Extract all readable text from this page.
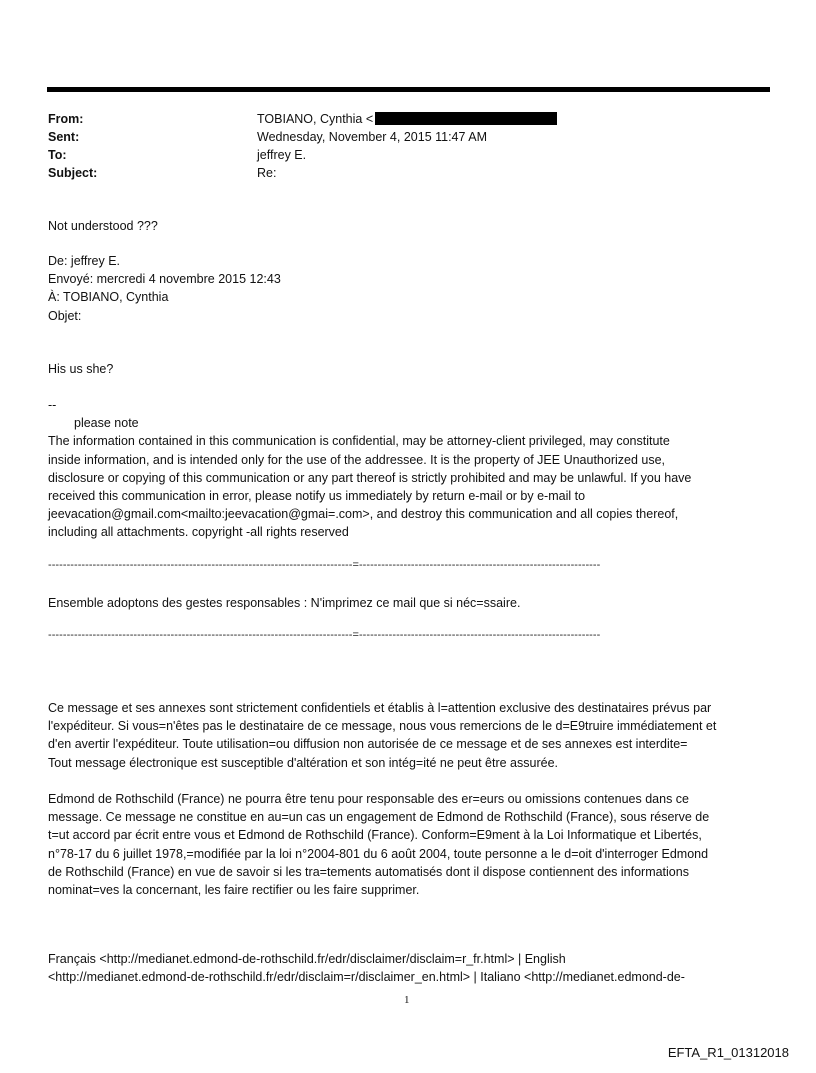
From:	TOBIANO, Cynthia <
Sent:	Wednesday, November 4, 2015 11:47 AM
To:	jeffrey E.
Subject:	Re:
Not understood ???
De: jeffrey E.
Envoyé: mercredi 4 novembre 2015 12:43
À: TOBIANO, Cynthia
Objet:
His us she?
--
please note
The information contained in this communication is confidential, may be attorney-client privileged, may constitute
inside information, and is intended only for the use of the addressee. It is the property of JEE Unauthorized use,
disclosure or copying of this communication or any part thereof is strictly prohibited and may be unlawful. If you have
received this communication in error, please notify us immediately by return e-mail or by e-mail to
jeevacation@gmail.com<mailto:jeevacation@gmai=.com>, and destroy this communication and all copies thereof,
including all attachments. copyright -all rights reserved
----------------------------------------------------------------------------------=-----------------------------------------------------------------
Ensemble adoptons des gestes responsables : N'imprimez ce mail que si néc=ssaire.
----------------------------------------------------------------------------------=-----------------------------------------------------------------
Ce message et ses annexes sont strictement confidentiels et établis à l=attention exclusive des destinataires prévus par
l'expéditeur. Si vous=n'êtes pas le destinataire de ce message, nous vous remercions de le d=E9truire immédiatement et
d'en avertir l'expéditeur. Toute utilisation=ou diffusion non autorisée de ce message et de ses annexes est interdite=
Tout message électronique est susceptible d'altération et son intég=ité ne peut être assurée.
Edmond de Rothschild (France) ne pourra être tenu pour responsable des er=eurs ou omissions contenues dans ce
message. Ce message ne constitue en au=un cas un engagement de Edmond de Rothschild (France), sous réserve de
t=ut accord par écrit entre vous et Edmond de Rothschild (France). Conform=E9ment à la Loi Informatique et Libertés,
n°78-17 du 6 juillet 1978,=modifiée par la loi n°2004-801 du 6 août 2004, toute personne a le d=oit d'interroger Edmond
de Rothschild (France) en vue de savoir si les tra=tements automatisés dont il dispose contiennent des informations
nominat=ves la concernant, les faire rectifier ou les faire supprimer.
Français <http://medianet.edmond-de-rothschild.fr/edr/disclaimer/disclaim=r_fr.html> | English
<http://medianet.edmond-de-rothschild.fr/edr/disclaim=r/disclaimer_en.html> | Italiano <http://medianet.edmond-de-
1
EFTA_R1_01312018
